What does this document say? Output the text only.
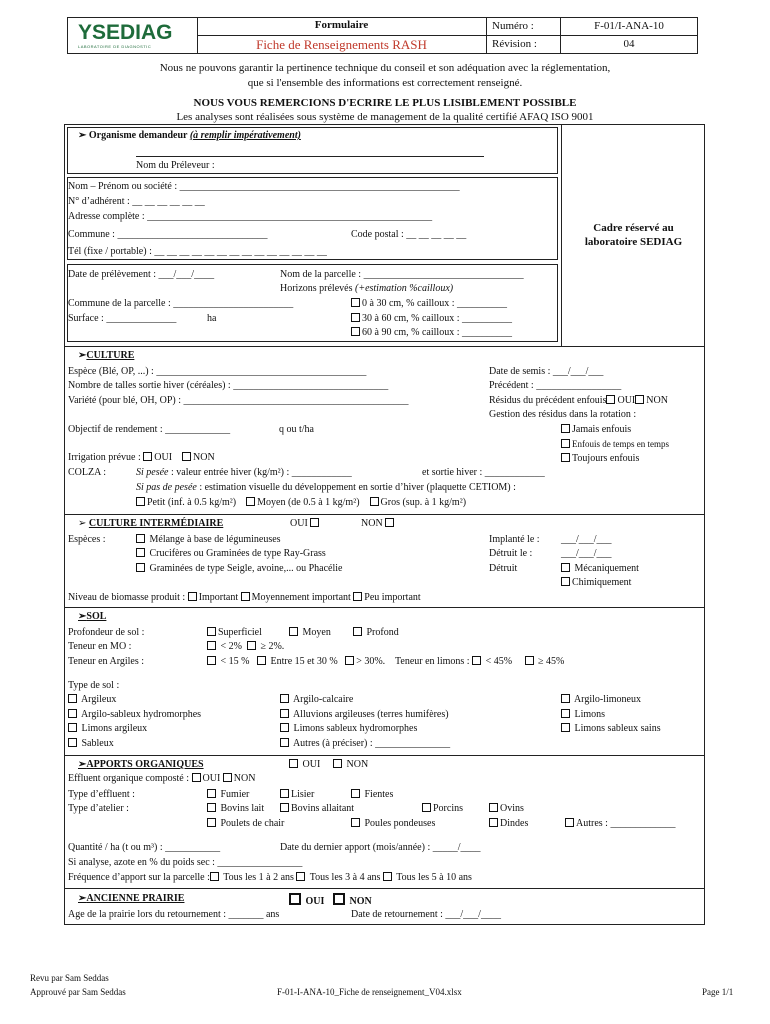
YSEDIAG
LABORATOIRE DE DIAGNOSTIC
Formulaire
Fiche de Renseignements RASH
Numéro :	F-01/I-ANA-10
Révision :	04
Nous ne pouvons garantir la pertinence technique du conseil et son adéquation avec la réglementation,
que si l'ensemble des informations est correctement renseigné.
NOUS VOUS REMERCIONS D'ECRIRE LE PLUS LISIBLEMENT POSSIBLE
Les analyses sont réalisées sous système de management de la qualité certifié AFAQ ISO 9001
Cadre réservé au
laboratoire SEDIAG
➢ Organisme demandeur (à remplir impérativement)
Nom du Préleveur :
Nom – Prénom ou société : ________________________________________________________
N° d’adhérent : __ __ __ __ __ __
Adresse complète : _________________________________________________________
Commune : ______________________________	Code postal : __ __ __ __ __
Tél (fixe / portable) : __ __ __ __ __ __ __ __ __ __ __ __ __ __
Date de prélèvement : ___/___/____	Nom de la parcelle : ________________________________
Horizons prélevés (+estimation %cailloux)
Commune de la parcelle : ________________________
Surface : ______________	ha
0 à 30 cm, % cailloux : __________
30 à 60 cm, % cailloux : __________
60 à 90 cm, % cailloux : __________
➢CULTURE
Espèce (Blé, OP, ...) : __________________________________________
Nombre de talles sortie hiver (céréales) : _______________________________
Variété (pour blé, OH, OP) : _____________________________________________
Objectif de rendement : _____________	q ou t/ha
Irrigation prévue : OUI NON
COLZA :	Si pesée : valeur entrée hiver (kg/m²) : ____________	et sortie hiver : ____________
Si pas de pesée : estimation visuelle du développement en sortie d’hiver (plaquette CETIOM) :
Petit (inf. à 0.5 kg/m²) Moyen (de 0.5 à 1 kg/m²) Gros (sup. à 1 kg/m²)
Date de semis : ___/___/___
Précédent : _________________
Résidus du précédent enfouis OUI NON
Gestion des résidus dans la rotation :
Jamais enfouis
Enfouis de temps en temps
Toujours enfouis
➢ CULTURE INTERMÉDIAIRE	OUI	NON
Espèces :	Mélange à base de légumineuses
Crucifères ou Graminées de type Ray-Grass
Graminées de type Seigle, avoine,... ou Phacélie
Implanté le : ___/___/___
Détruit le :	___/___/___
Détruit	Mécaniquement
Chimiquement
Niveau de biomasse produit : Important Moyennement important Peu important
➢SOL
Profondeur de sol :	Superficiel	Moyen	Profond
Teneur en MO :	< 2% ≥ 2%.
Teneur en Argiles :	< 15 % Entre 15 et 30 % > 30%. Teneur en limons : < 45%	≥ 45%
Type de sol :
Argileux
Argilo-sableux hydromorphes
Limons argileux
Sableux
Argilo-calcaire
Alluvions argileuses (terres humifères)
Limons sableux hydromorphes
Autres (à préciser) : _______________
Argilo-limoneux
Limons
Limons sableux sains
➢APPORTS ORGANIQUES	OUI	NON
Effluent organique composté : OUI NON
Type d’effluent :	Fumier	Lisier	Fientes
Type d’atelier :	Bovins lait	Bovins allaitant	Porcins	Ovins
Poulets de chair	Poules pondeuses	Dindes	Autres : _____________
Quantité / ha (t ou m³) : ___________	Date du dernier apport (mois/année) : _____/____
Si analyse, azote en % du poids sec : _________________
Fréquence d’apport sur la parcelle : Tous les 1 à 2 ans Tous les 3 à 4 ans Tous les 5 à 10 ans
➢ANCIENNE PRAIRIE	OUI	NON
Age de la prairie lors du retournement : _______ ans	Date de retournement : ___/___/____
Revu par Sam Seddas
Approuvé par Sam Seddas	F-01-I-ANA-10_Fiche de renseignement_V04.xlsx	Page 1/1
